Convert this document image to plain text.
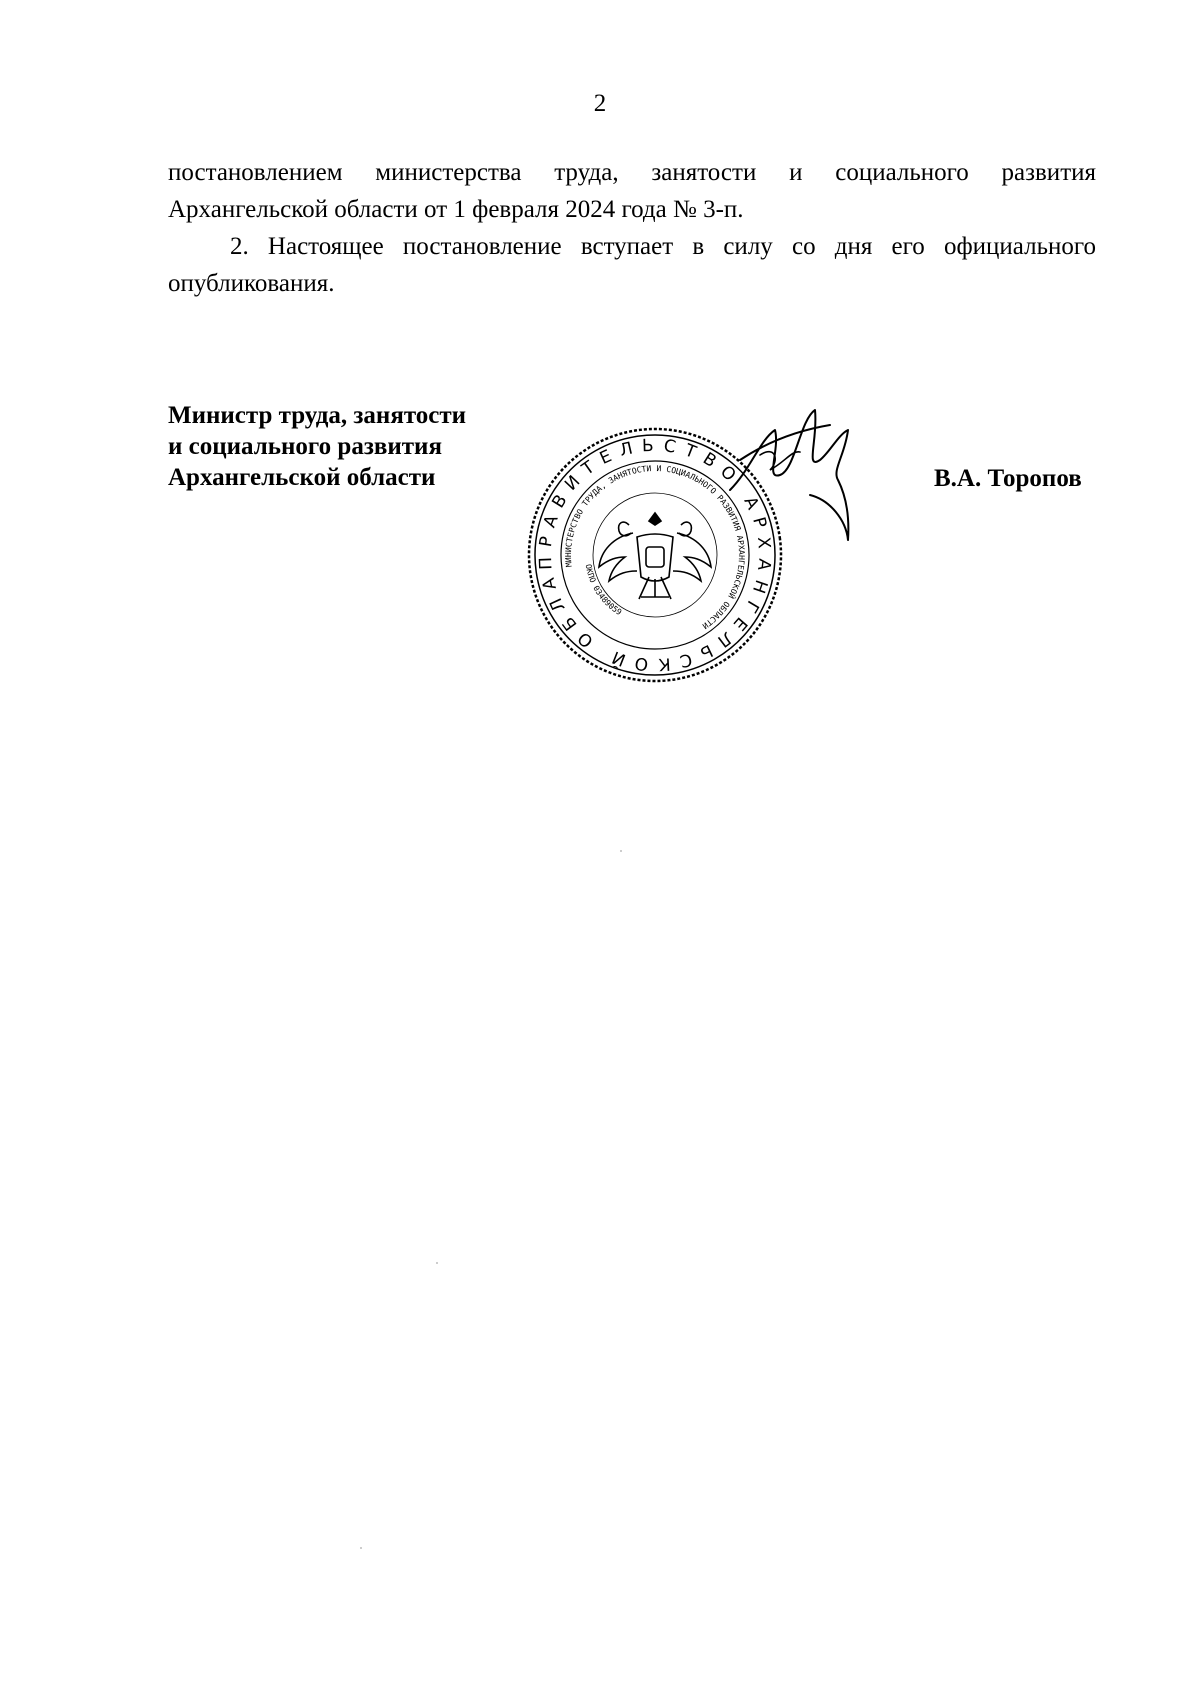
2

постановлением министерства труда, занятости и социального развития Архангельской области от 1 февраля 2024 года № 3-п.

2. Настоящее постановление вступает в силу со дня его официального опубликования.

Министр труда, занятости
и социального развития
Архангельской области	В.А. Торопов
ПРАВИТЕЛЬСТВО АРХАНГЕЛЬСКОЙ ОБЛАСТИ
МИНИСТЕРСТВО ТРУДА, ЗАНЯТОСТИ И СОЦИАЛЬНОГО РАЗВИТИЯ АРХАНГЕЛЬСКОЙ ОБЛАСТИ
ОКПО 03489059
